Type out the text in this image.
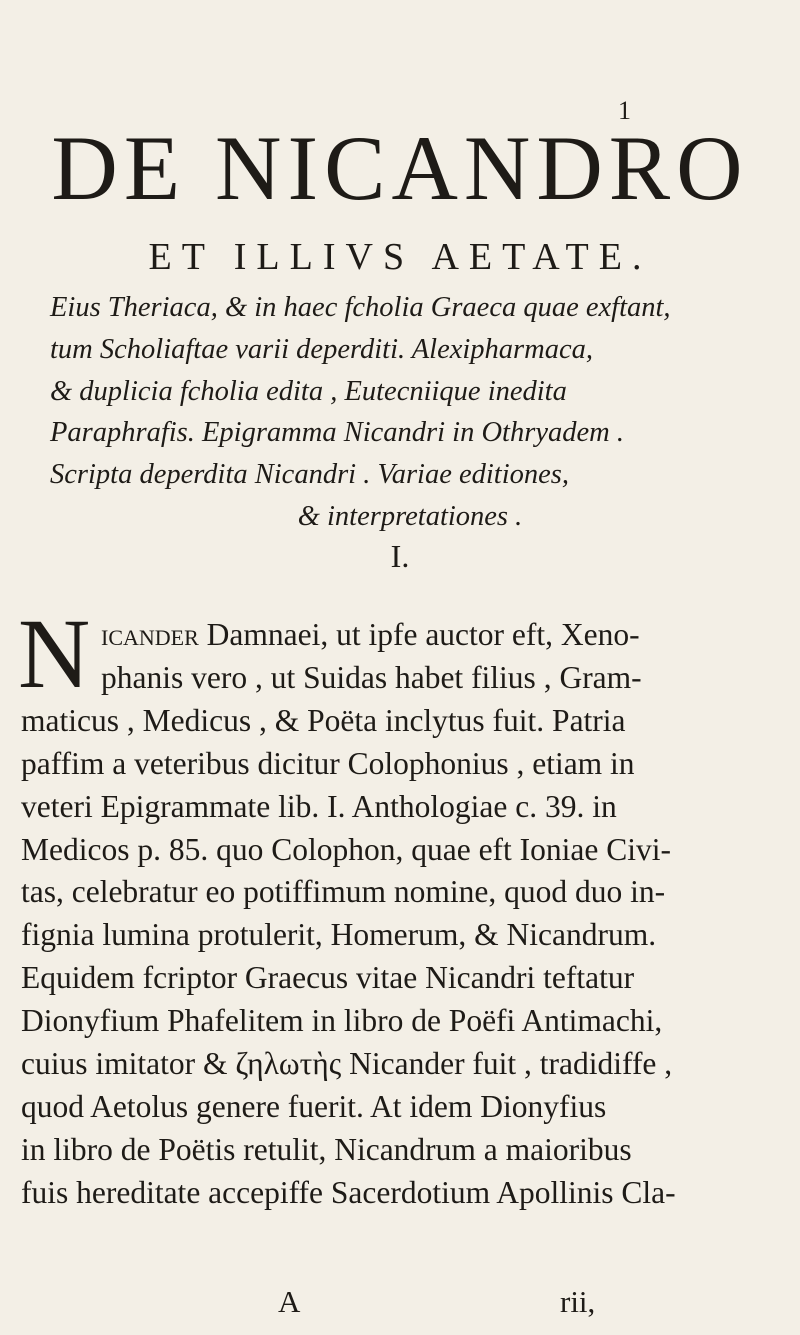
1
DE NICANDRO
ET ILLIVS AETATE.
Eius Theriaca, & in haec fcholia Graeca quae exftant,
tum Scholiaftae varii deperditi. Alexipharmaca,
& duplicia fcholia edita , Eutecniique inedita
Paraphrafis. Epigramma Nicandri in Othryadem .
Scripta deperdita Nicandri . Variae editiones,
& interpretationes .
I.
N icander Damnaei, ut ipfe auctor eft, Xeno-
phanis vero , ut Suidas habet filius , Gram-
maticus , Medicus , & Poëta inclytus fuit. Patria
paffim a veteribus dicitur Colophonius , etiam in
veteri Epigrammate lib. I. Anthologiae c. 39. in
Medicos p. 85. quo Colophon, quae eft Ioniae Civi-
tas, celebratur eo potiffimum nomine, quod duo in-
fignia lumina protulerit, Homerum, & Nicandrum.
Equidem fcriptor Graecus vitae Nicandri teftatur
Dionyfium Phafelitem in libro de Poëfi Antimachi,
cuius imitator & ζηλωτὴς Nicander fuit , tradidiffe ,
quod Aetolus genere fuerit. At idem Dionyfius
in libro de Poëtis retulit, Nicandrum a maioribus
fuis hereditate accepiffe Sacerdotium Apollinis Cla-
A	rii,
